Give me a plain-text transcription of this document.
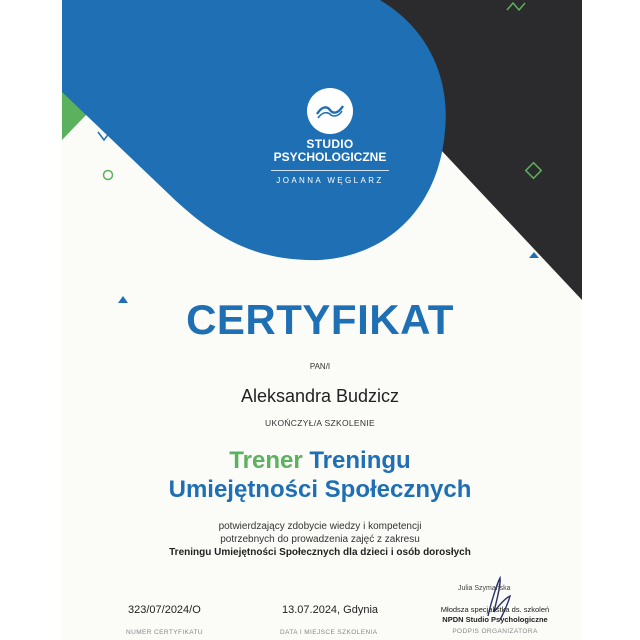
STUDIO
PSYCHOLOGICZNE
JOANNA WĘGLARZ
CERTYFIKAT
PAN/I
Aleksandra Budzicz
UKOŃCZYŁ/A SZKOLENIE
Trener Treningu
Umiejętności Społecznych
potwierdzający zdobycie wiedzy i kompetencji
potrzebnych do prowadzenia zajęć z zakresu
Treningu Umiejętności Społecznych dla dzieci i osób dorosłych
323/07/2024/O
NUMER CERTYFIKATU
13.07.2024, Gdynia
DATA I MIEJSCE SZKOLENIA
Julia Szymańska
Młodsza specjalistka ds. szkoleń
NPDN Studio Psychologiczne
PODPIS ORGANIZATORA
